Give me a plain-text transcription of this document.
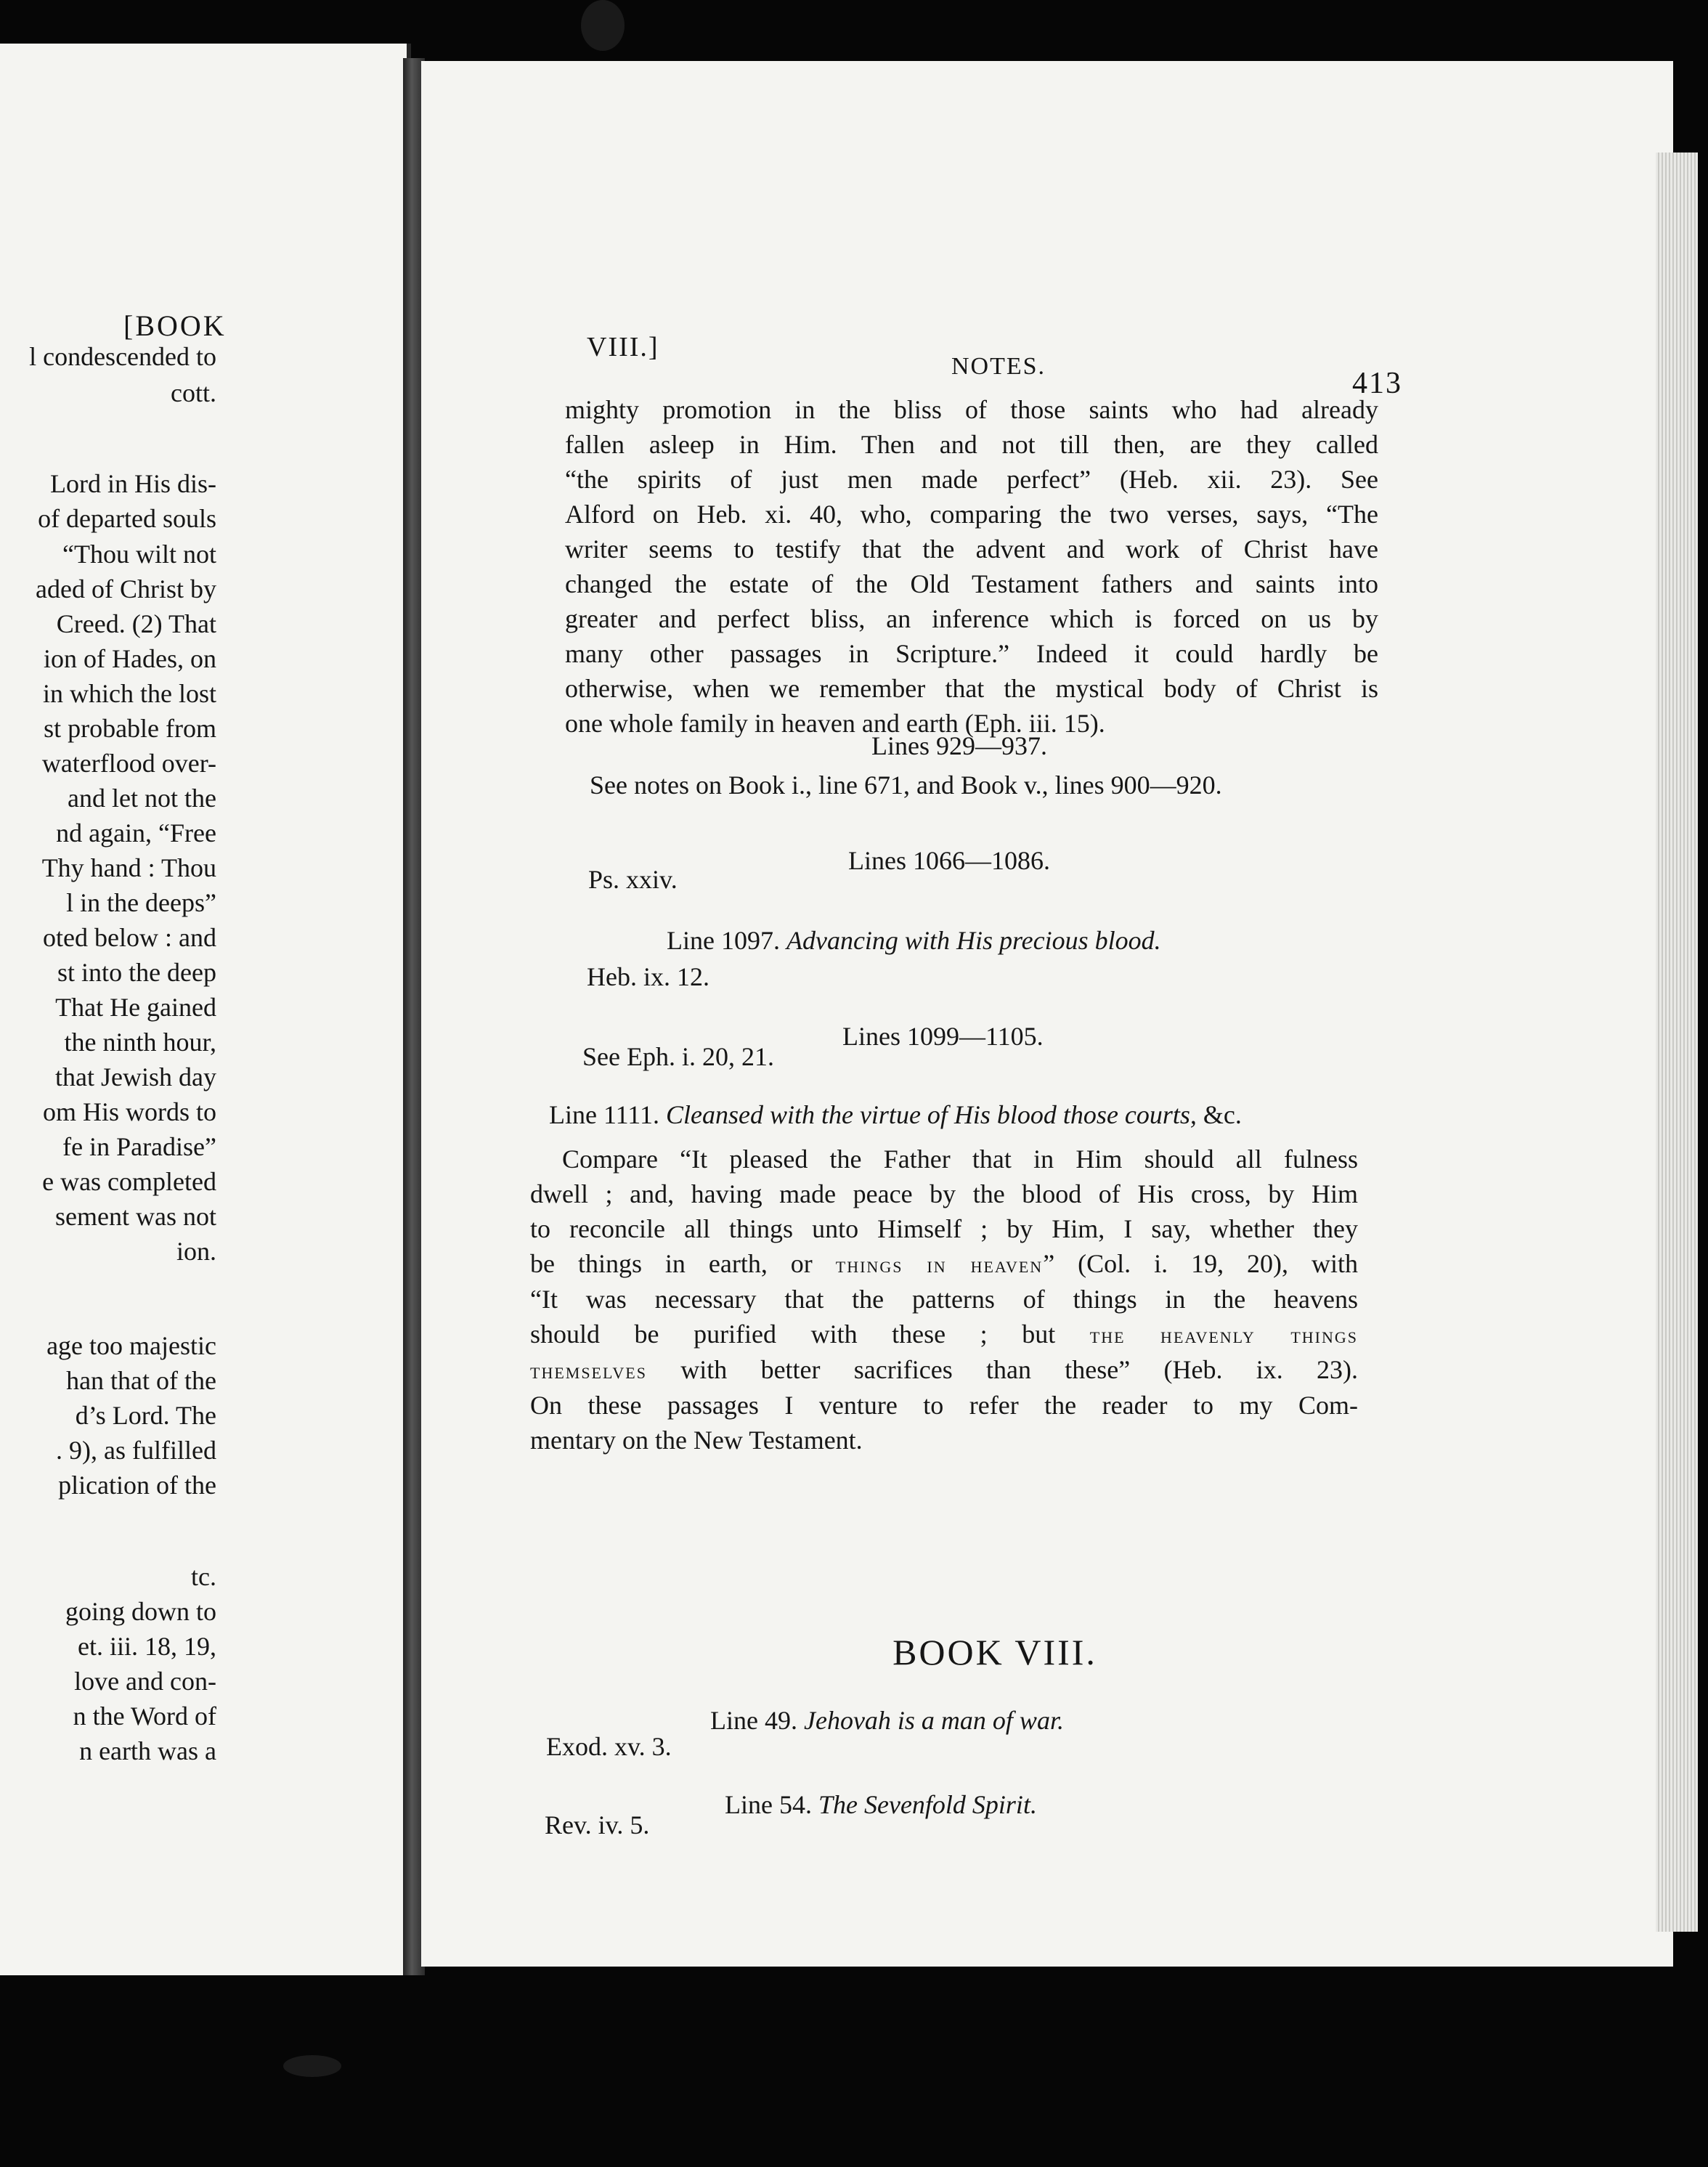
[BOOK
l condescended to
cott.
Lord in His dis-
of departed souls
“Thou wilt not
aded of Christ by
Creed. (2) That
ion of Hades, on
in which the lost
st probable from
waterflood over-
and let not the
nd again, “Free
Thy hand : Thou
l in the deeps”
oted below : and
st into the deep
That He gained
the ninth hour,
that Jewish day
om His words to
fe in Paradise”
e was completed
sement was not
ion.
age too majestic
han that of the
d’s Lord. The
. 9), as fulfilled
plication of the
tc.
going down to
et. iii. 18, 19,
love and con-
n the Word of
n earth was a
VIII.]
NOTES.
413
mighty promotion in the bliss of those saints who had already
fallen asleep in Him. Then and not till then, are they called
“the spirits of just men made perfect” (Heb. xii. 23). See
Alford on Heb. xi. 40, who, comparing the two verses, says, “The
writer seems to testify that the advent and work of Christ have
changed the estate of the Old Testament fathers and saints into
greater and perfect bliss, an inference which is forced on us by
many other passages in Scripture.” Indeed it could hardly be
otherwise, when we remember that the mystical body of Christ is
one whole family in heaven and earth (Eph. iii. 15).
Lines 929—937.
See notes on Book i., line 671, and Book v., lines 900—920.
Lines 1066—1086.
Ps. xxiv.
Line 1097. Advancing with His precious blood.
Heb. ix. 12.
Lines 1099—1105.
See Eph. i. 20, 21.
Line 1111. Cleansed with the virtue of His blood those courts, &c.
Compare “It pleased the Father that in Him should all fulness
dwell ; and, having made peace by the blood of His cross, by Him
to reconcile all things unto Himself ; by Him, I say, whether they
be things in earth, or things in heaven” (Col. i. 19, 20), with
“It was necessary that the patterns of things in the heavens
should be purified with these ; but the heavenly things
themselves with better sacrifices than these” (Heb. ix. 23).
On these passages I venture to refer the reader to my Com-
mentary on the New Testament.
BOOK VIII.
Line 49. Jehovah is a man of war.
Exod. xv. 3.
Line 54. The Sevenfold Spirit.
Rev. iv. 5.
